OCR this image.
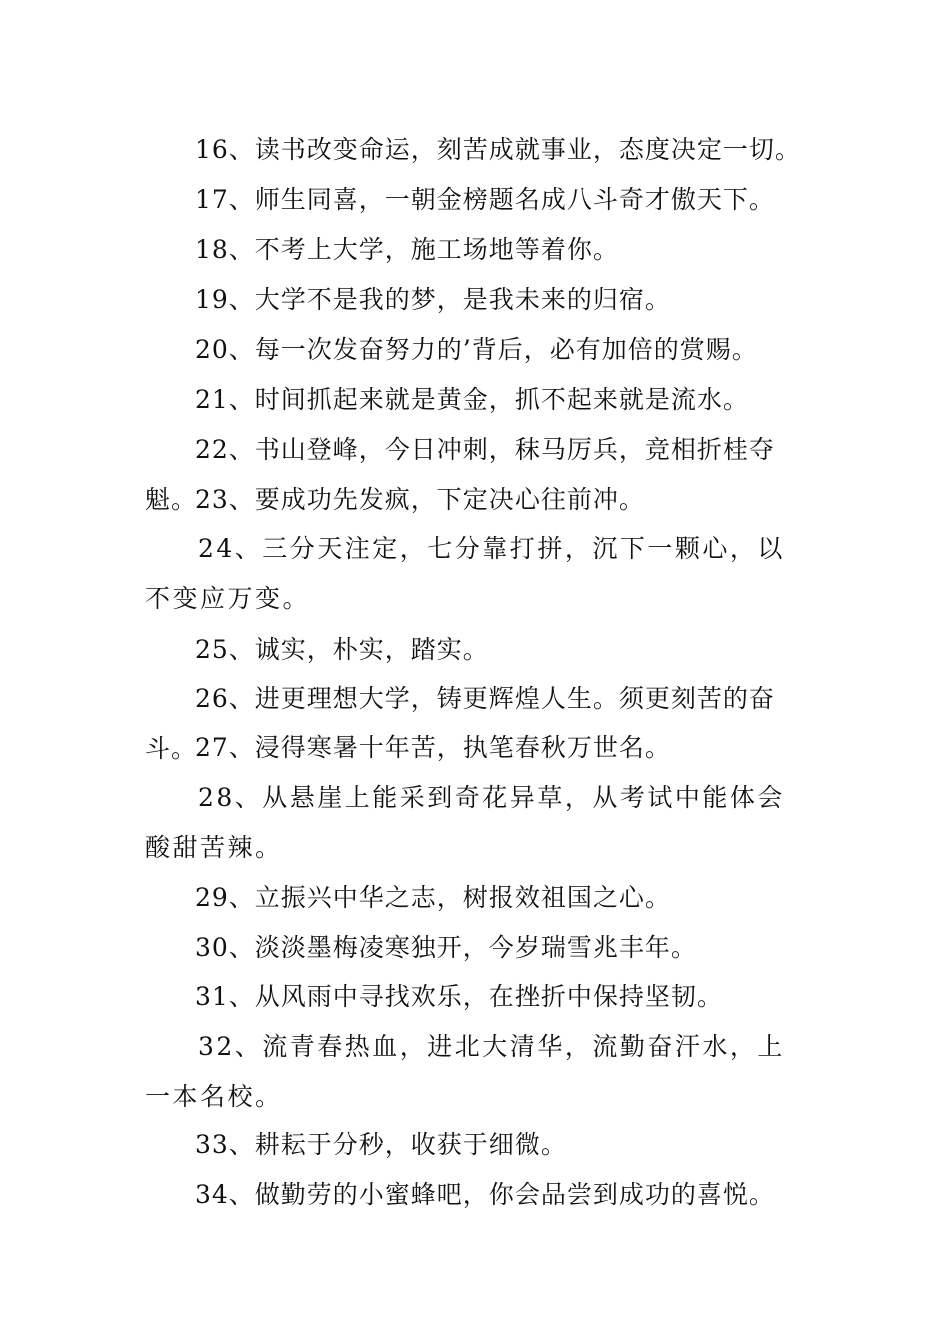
16、读书改变命运，刻苦成就事业，态度决定一切。

17、师生同喜，一朝金榜题名成八斗奇才傲天下。

18、不考上大学，施工场地等着你。

19、大学不是我的梦，是我未来的归宿。

20、每一次发奋努力的’背后，必有加倍的赏赐。

21、时间抓起来就是黄金，抓不起来就是流水。

22、书山登峰，今日冲刺，秣马厉兵，竞相折桂夺魁。

23、要成功先发疯，下定决心往前冲。

24、三分天注定，七分靠打拼，沉下一颗心，以不变应万变。

25、诚实，朴实，踏实。

26、进更理想大学，铸更辉煌人生。须更刻苦的奋斗。

27、浸得寒暑十年苦，执笔春秋万世名。

28、从悬崖上能采到奇花异草，从考试中能体会酸甜苦辣。

29、立振兴中华之志，树报效祖国之心。

30、淡淡墨梅凌寒独开，今岁瑞雪兆丰年。

31、从风雨中寻找欢乐，在挫折中保持坚韧。

32、流青春热血，进北大清华，流勤奋汗水，上一本名校。

33、耕耘于分秒，收获于细微。

34、做勤劳的小蜜蜂吧，你会品尝到成功的喜悦。
